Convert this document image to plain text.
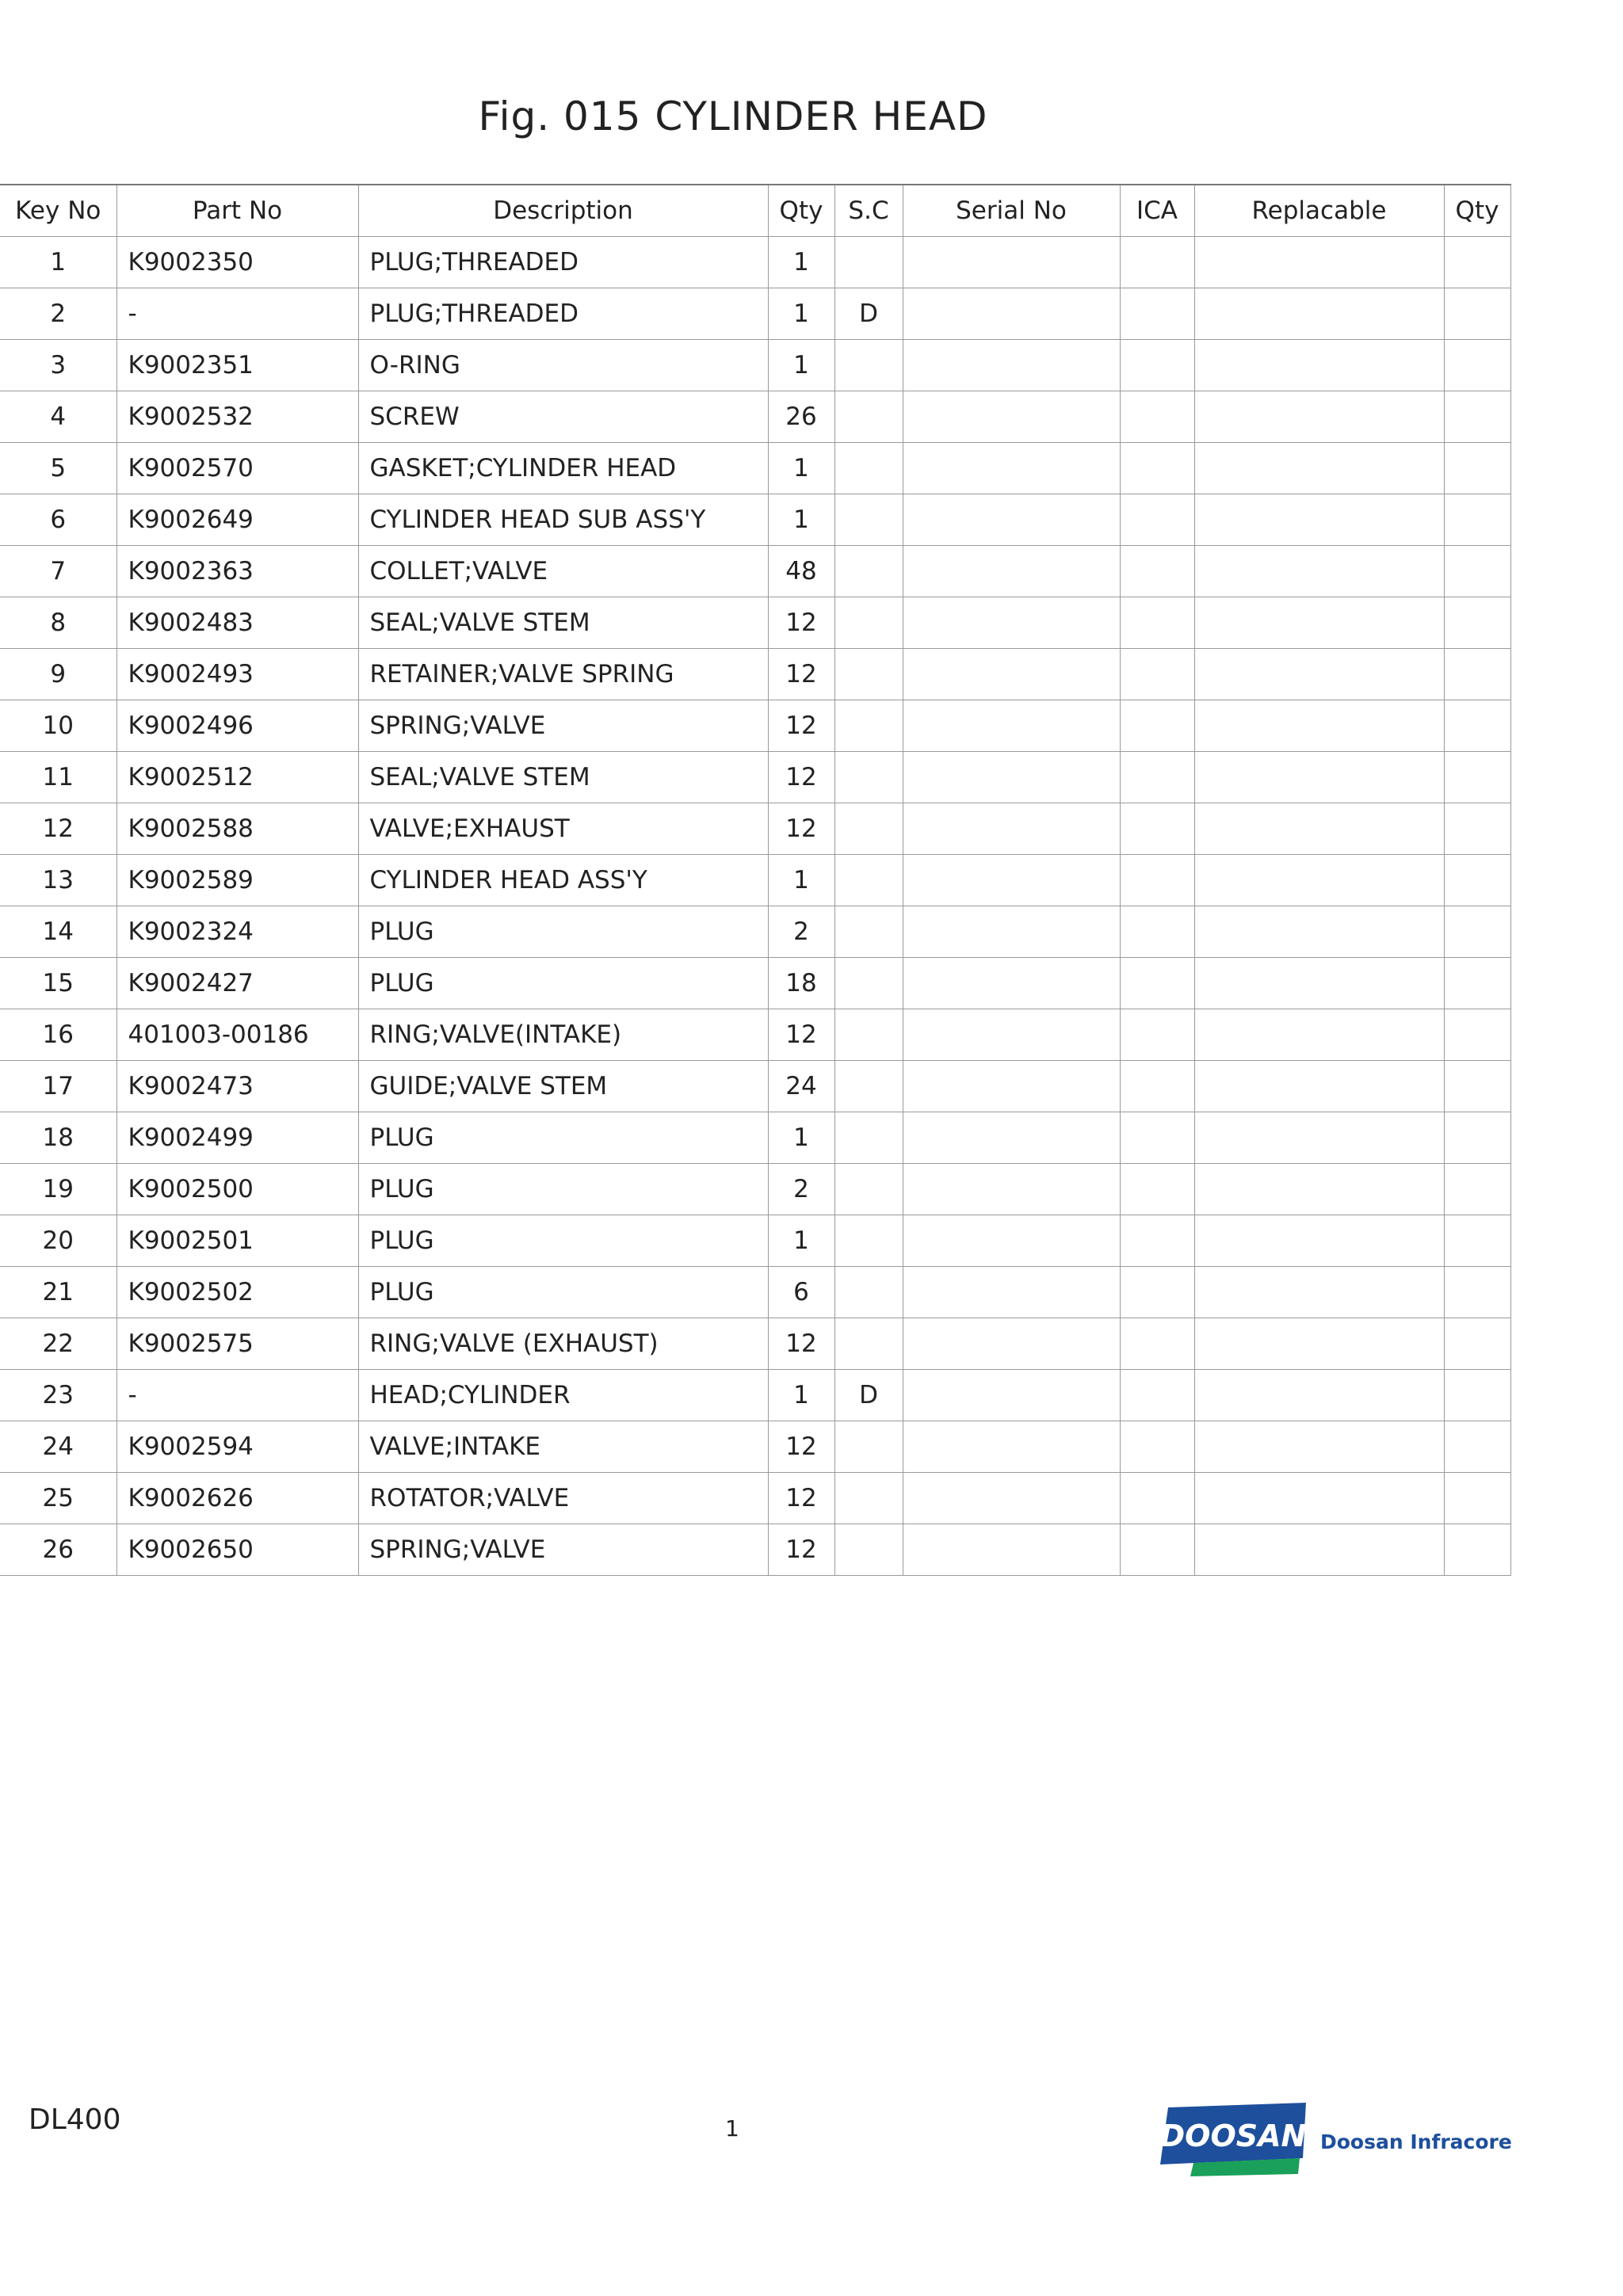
Fig. 015 CYLINDER HEAD
Key No	Part No	Description	Qty	S.C	Serial No	ICA	Replacable	Qty
1	K9002350	PLUG;THREADED	1					
2	-	PLUG;THREADED	1	D				
3	K9002351	O-RING	1					
4	K9002532	SCREW	26					
5	K9002570	GASKET;CYLINDER HEAD	1					
6	K9002649	CYLINDER HEAD SUB ASS'Y	1					
7	K9002363	COLLET;VALVE	48					
8	K9002483	SEAL;VALVE STEM	12					
9	K9002493	RETAINER;VALVE SPRING	12					
10	K9002496	SPRING;VALVE	12					
11	K9002512	SEAL;VALVE STEM	12					
12	K9002588	VALVE;EXHAUST	12					
13	K9002589	CYLINDER HEAD ASS'Y	1					
14	K9002324	PLUG	2					
15	K9002427	PLUG	18					
16	401003-00186	RING;VALVE(INTAKE)	12					
17	K9002473	GUIDE;VALVE STEM	24					
18	K9002499	PLUG	1					
19	K9002500	PLUG	2					
20	K9002501	PLUG	1					
21	K9002502	PLUG	6					
22	K9002575	RING;VALVE (EXHAUST)	12					
23	-	HEAD;CYLINDER	1	D				
24	K9002594	VALVE;INTAKE	12					
25	K9002626	ROTATOR;VALVE	12					
26	K9002650	SPRING;VALVE	12					
DL400	1	DOOSAN Doosan Infracore
